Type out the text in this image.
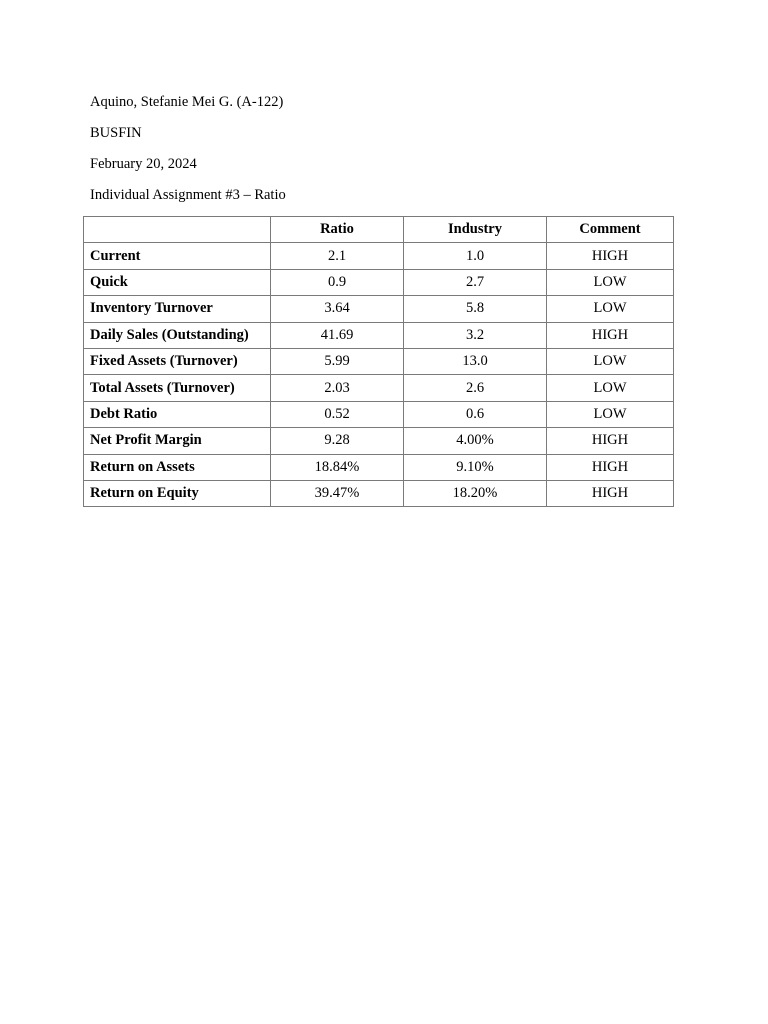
Aquino, Stefanie Mei G. (A-122)
BUSFIN
February 20, 2024
Individual Assignment #3 – Ratio
	Ratio	Industry	Comment
Current	2.1	1.0	HIGH
Quick	0.9	2.7	LOW
Inventory Turnover	3.64	5.8	LOW
Daily Sales (Outstanding)	41.69	3.2	HIGH
Fixed Assets (Turnover)	5.99	13.0	LOW
Total Assets (Turnover)	2.03	2.6	LOW
Debt Ratio	0.52	0.6	LOW
Net Profit Margin	9.28	4.00%	HIGH
Return on Assets	18.84%	9.10%	HIGH
Return on Equity	39.47%	18.20%	HIGH
